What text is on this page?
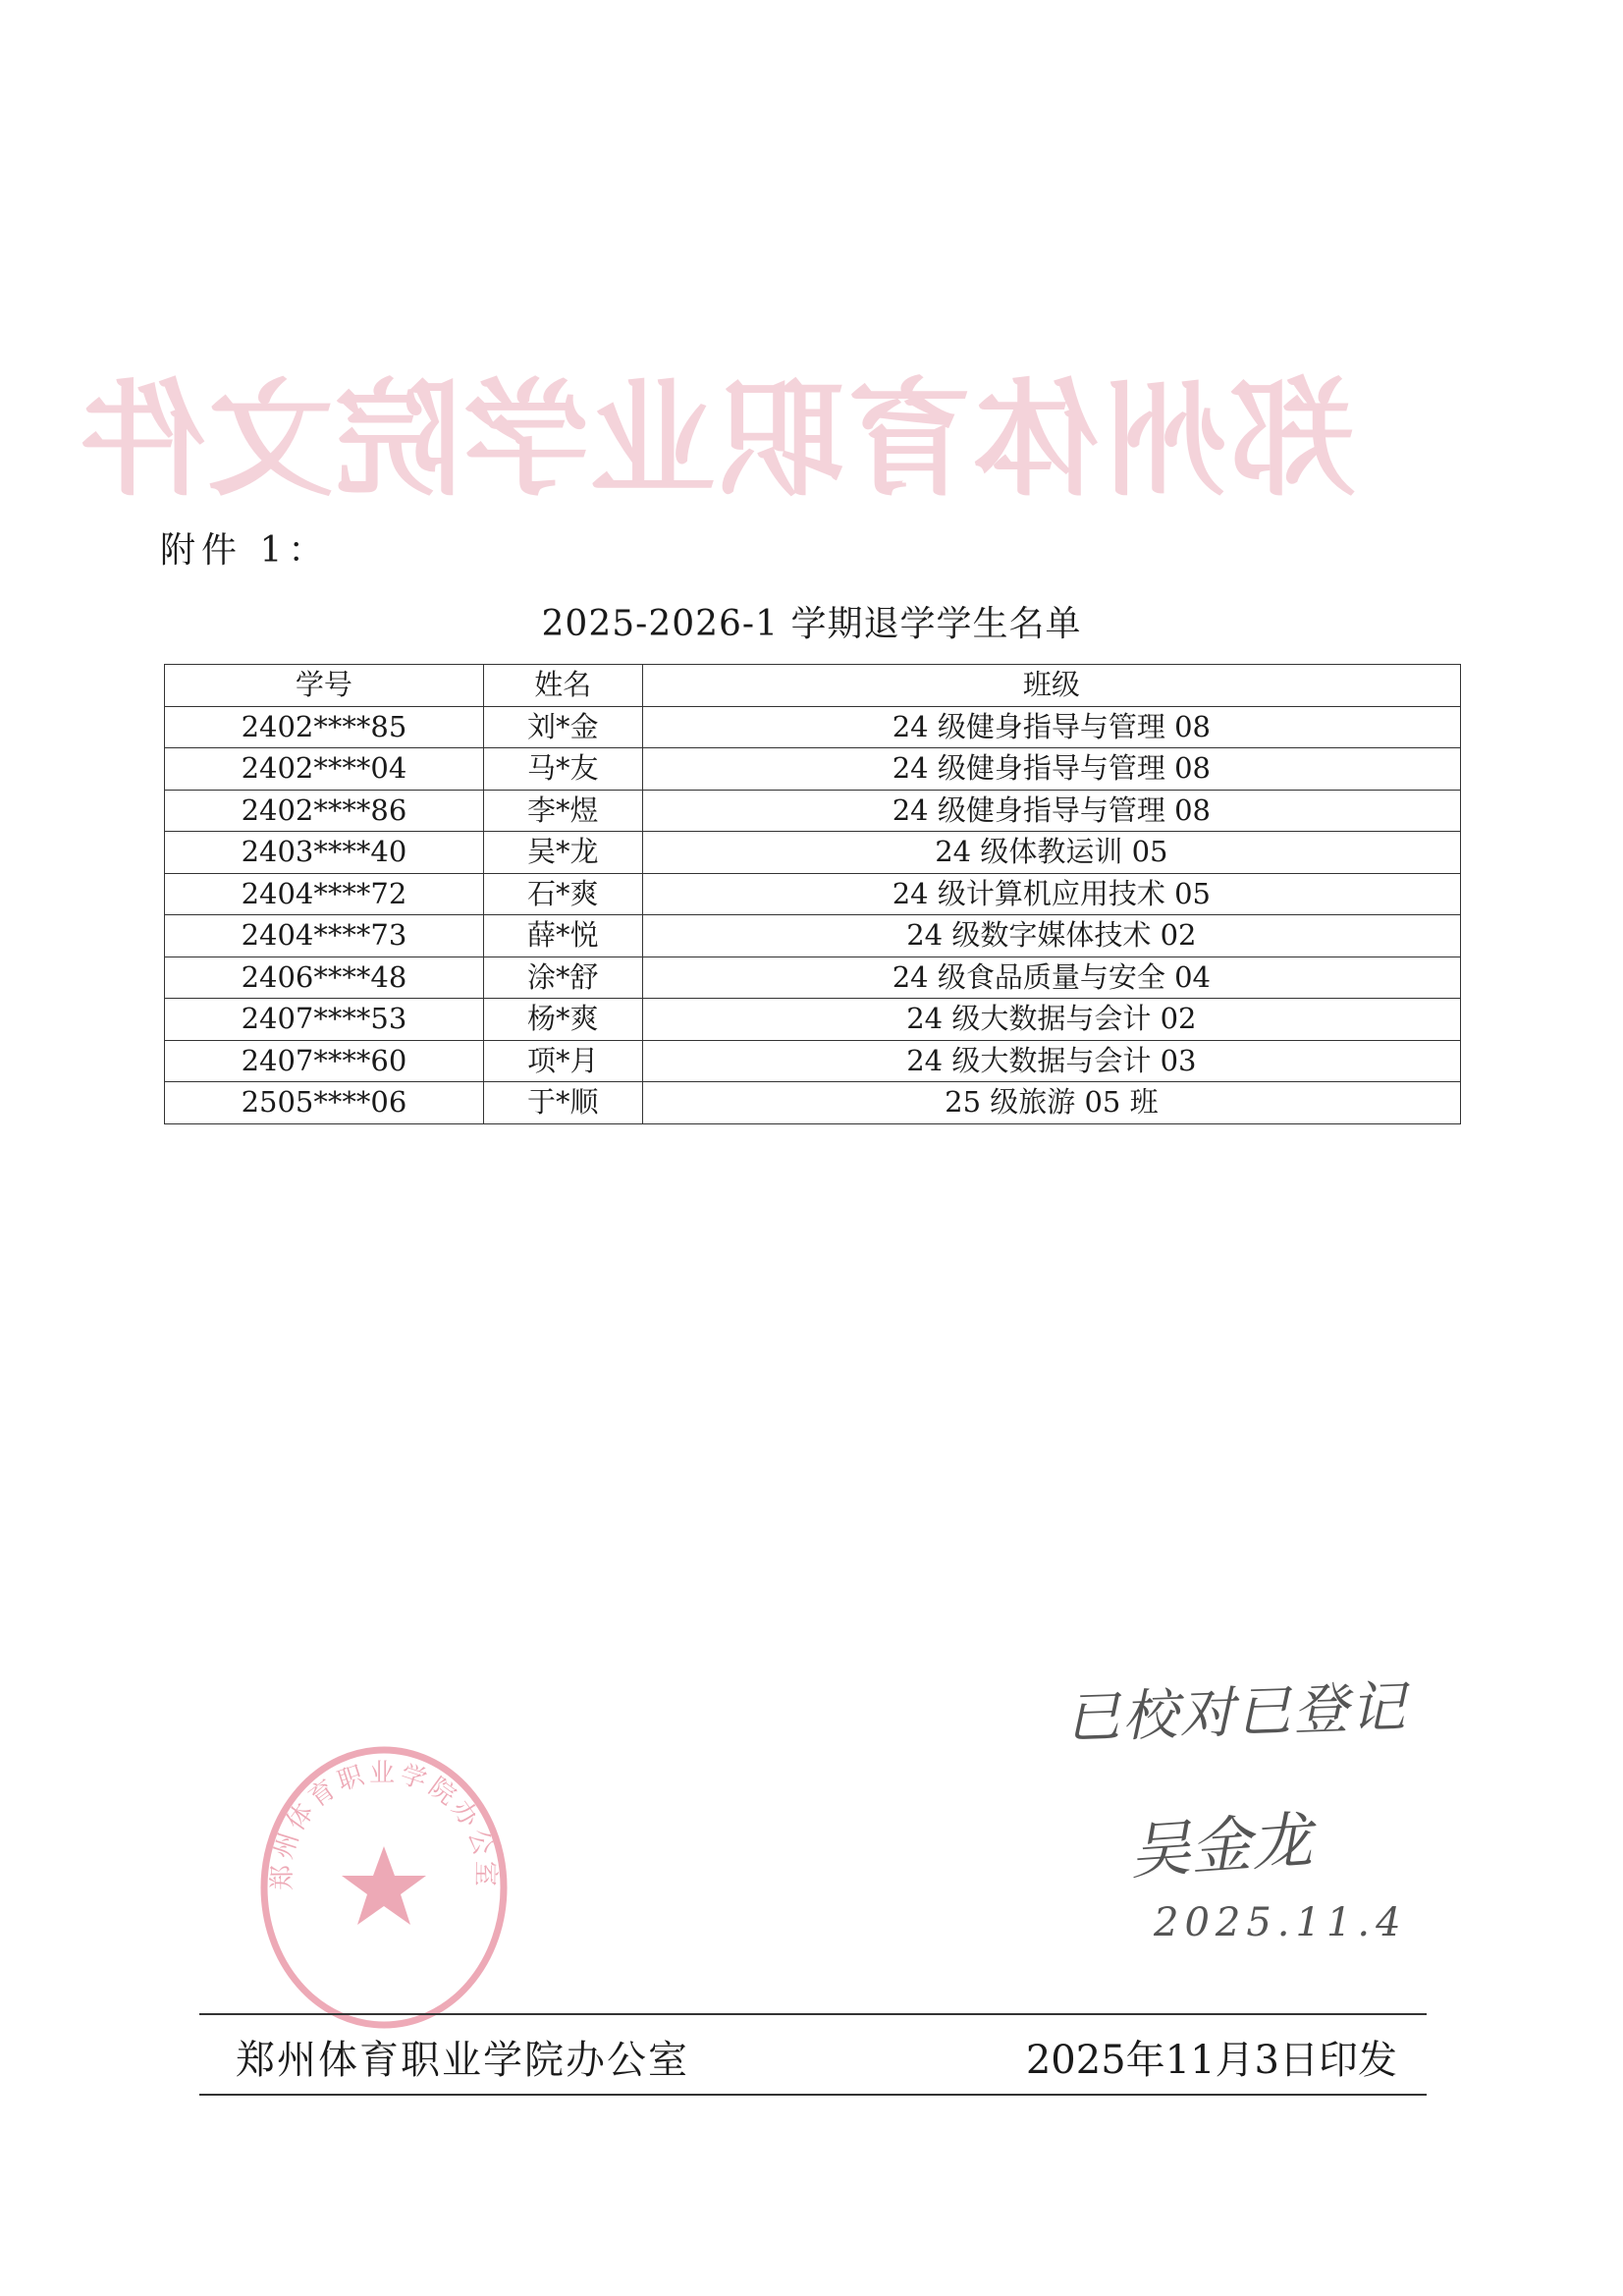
郑州体育职业学院文件
附件 1：
2025-2026-1 学期退学学生名单
学号	姓名	班级
2402****85	刘*金	24 级健身指导与管理 08
2402****04	马*友	24 级健身指导与管理 08
2402****86	李*煜	24 级健身指导与管理 08
2403****40	吴*龙	24 级体教运训 05
2404****72	石*爽	24 级计算机应用技术 05
2404****73	薛*悦	24 级数字媒体技术 02
2406****48	涂*舒	24 级食品质量与安全 04
2407****53	杨*爽	24 级大数据与会计 02
2407****60	项*月	24 级大数据与会计 03
2505****06	于*顺	25 级旅游 05 班
已校对已登记
吴金龙
2025.11.4
郑州体育职业学院办公室
郑州体育职业学院办公室	2025年11月3日印发
